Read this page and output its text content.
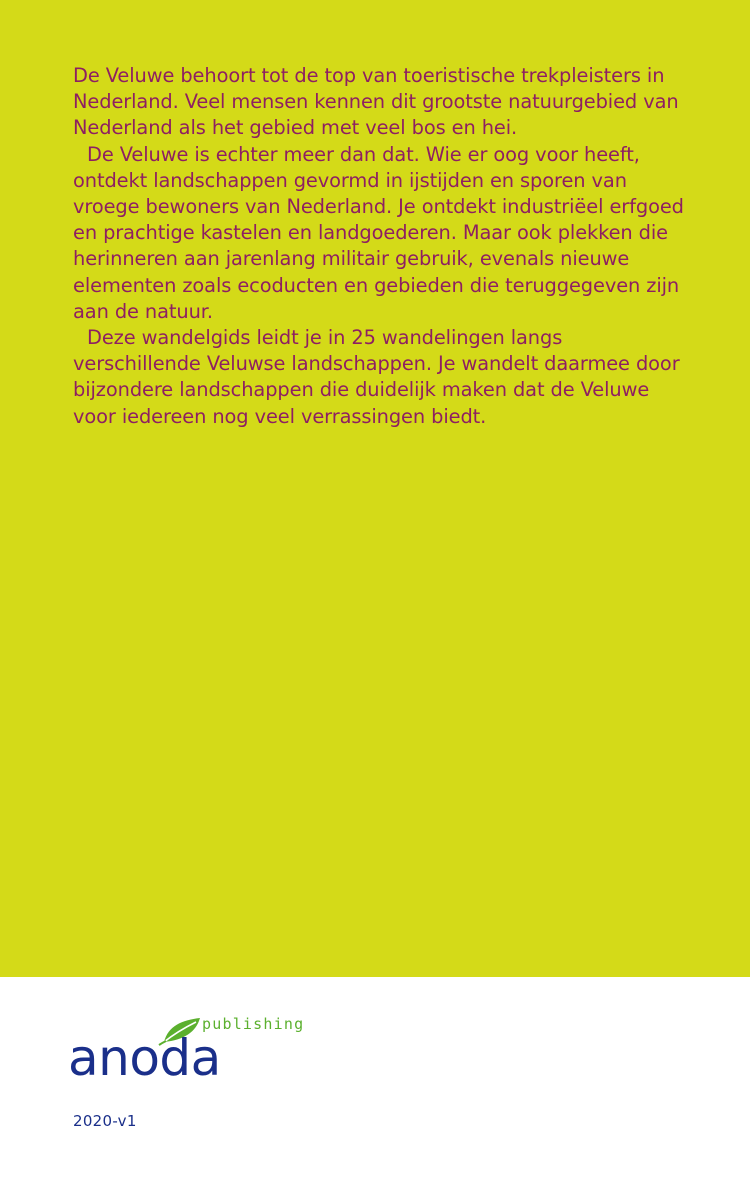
De Veluwe behoort tot de top van toeristische trekpleisters in Nederland. Veel mensen kennen dit grootste natuurgebied van Nederland als het gebied met veel bos en hei.

De Veluwe is echter meer dan dat. Wie er oog voor heeft, ontdekt landschappen gevormd in ijstijden en sporen van vroege bewoners van Nederland. Je ontdekt industriëel erfgoed en prachtige kastelen en landgoederen. Maar ook plekken die herinneren aan jarenlang militair gebruik, evenals nieuwe elementen zoals ecoducten en gebieden die teruggegeven zijn aan de natuur.

Deze wandelgids leidt je in 25 wandelingen langs verschillende Veluwse landschappen. Je wandelt daarmee door bijzondere landschappen die duidelijk maken dat de Veluwe voor iedereen nog veel verrassingen biedt.

publishing
anoda
2020-v1
